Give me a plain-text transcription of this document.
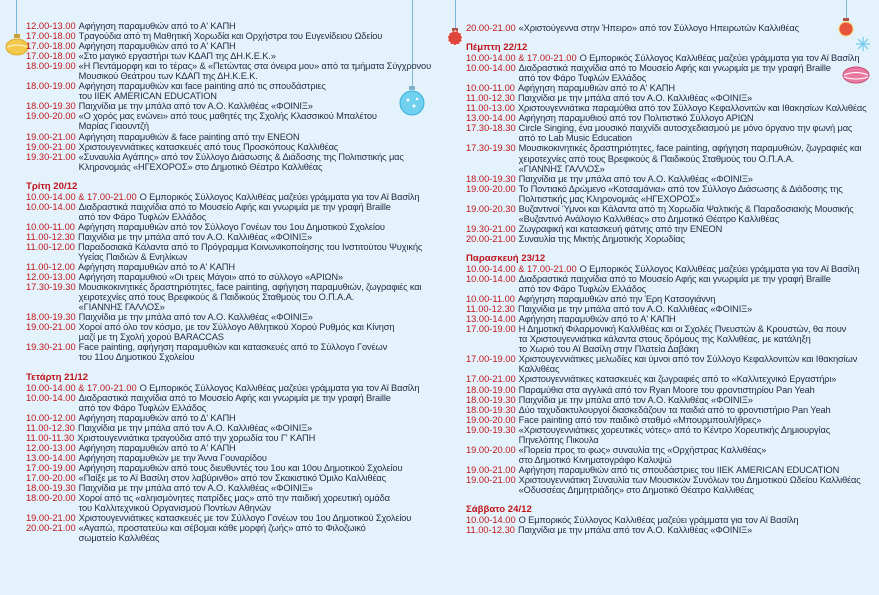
12.00-13.00 Αφήγηση παραμυθιών από το Α' ΚΑΠΗ
17.00-18.00 Τραγούδια από τη Μαθητική Χορωδία και Ορχήστρα του Ευγενίδειου Ωδείου
17.00-18.00 Αφήγηση παραμυθιών από το Α' ΚΑΠΗ
17.00-18.00 «Στο μαγικό εργαστήρι των ΚΔΑΠ της ΔΗ.Κ.Ε.Κ.»
18.00-19.00 «Η Πεντάμορφη και το τέρας» & «Πετώντας στα όνειρα μου» από τα τμήματα Σύγχρονου
Μουσικού Θεάτρου των ΚΔΑΠ της ΔΗ.Κ.Ε.Κ.
18.00-19.00 Αφήγηση παραμυθιών και face painting από τις σπουδάστριες
του ΙΙΕΚ AMERICAN EDUCATION
18.00-19.30 Παιχνίδια με την μπάλα από τον Α.Ο. Καλλιθέας «ΦΟΙΝΙΞ»
19.00-20.00 «Ο χορός μας ενώνει» από τους μαθητές της Σχολής Κλασσικού Μπαλέτου
Μαρίας Γιαουντζή
19.00-21.00 Αφήγηση παραμυθιών & face painting από την ΕΝΕΟΝ
19.00-21.00 Χριστουγεννιάτικες κατασκευές από τους Προσκόπους Καλλιθέας
19.30-21.00 «Συναυλία Αγάπης» από τον Σύλλογο Διάσωσης & Διάδοσης της Πολιτιστικής μας
Κληρονομιάς «ΗΓΕΧΟΡΟΣ» στο Δημοτικό Θέατρο Καλλιθέας
Τρίτη 20/12
10.00-14.00 & 17.00-21.00 Ο Εμπορικός Σύλλογος Καλλιθέας μαζεύει γράμματα για τον Αϊ Βασίλη
10.00-14.00 Διαδραστικά παιχνίδια από το Μουσείο Αφής και γνωριμία με την γραφή Braille
από τον Φάρο Τυφλών Ελλάδος
10.00-11.00 Αφήγηση παραμυθιών από τον Σύλλογο Γονέων του 1ου Δημοτικού Σχολείου
11.00-12.30 Παιχνίδια με την μπάλα από τον Α.Ο. Καλλιθέας «ΦΟΙΝΙΞ»
11.00-12.00 Παραδοσιακά Κάλαντα από το Πρόγραμμα Κοινωνικοποίησης του Ινστιτούτου Ψυχικής
Υγείας Παιδιών & Ενηλίκων
11.00-12.00 Αφήγηση παραμυθιών από το Α' ΚΑΠΗ
12.00-13.00 Αφήγηση παραμυθιού «Οι τρεις Μάγοι» από το σύλλογο «ΑΡΙΩΝ»
17.30-19.30 Μουσικοκινητικές δραστηριότητες, face painting, αφήγηση παραμυθιών, ζωγραφιές και
χειροτεχνίες από τους Βρεφικούς & Παιδικούς Σταθμούς του Ο.Π.Α.Α.
«ΓΙΑΝΝΗΣ ΓΑΛΛΟΣ»
18.00-19.30 Παιχνίδια με την μπάλα από τον Α.Ο. Καλλιθέας «ΦΟΙΝΙΞ»
19.00-21.00 Χοροί από όλο τον κόσμο, με τον Σύλλογο Αθλητικού Χορού Ρυθμός και Κίνηση
μαζί με τη Σχολή χορού BARACCAS
19.30-21.00 Face painting, αφήγηση παραμυθιών και κατασκευές από το Σύλλογο Γονέων
του 11ου Δημοτικού Σχολείου
Τετάρτη 21/12
10.00-14.00 & 17.00-21.00 Ο Εμπορικός Σύλλογος Καλλιθέας μαζεύει γράμματα για τον Αϊ Βασίλη
10.00-14.00 Διαδραστικά παιχνίδια από το Μουσείο Αφής και γνωριμία με την γραφή Braille
από τον Φάρο Τυφλών Ελλάδος
10.00-12.00 Αφήγηση παραμυθιών από το Δ' ΚΑΠΗ
11.00-12.30 Παιχνίδια με την μπάλα από τον Α.Ο. Καλλιθέας «ΦΟΙΝΙΞ»
11.00-11.30 Χριστουγεννιάτικα τραγούδια από την χορωδία του Γ' ΚΑΠΗ
12.00-13.00 Αφήγηση παραμυθιών από το Α' ΚΑΠΗ
13.00-14.00 Αφήγηση παραμυθιών με την Άννα Γουναρίδου
17.00-19.00 Αφήγηση παραμυθιών από τους διευθυντές του 1ου και 10ου Δημοτικού Σχολείου
17.00-20.00 «Παίξε με το Αϊ Βασίλη στον λαβύρινθο» από τον Σκακιστικό Όμιλο Καλλιθέας
18.00-19.30 Παιχνίδια με την μπάλα από τον Α.Ο. Καλλιθέας «ΦΟΙΝΙΞ»
18.00-20.00 Χοροί από τις «αληισμόνητες πατρίδες μας» από την παιδική χορευτική ομάδα
του Καλλιτεχνικού Οργανισμού Ποντίων Αθηνών
19.00-21.00 Χριστουγεννιάτικες κατασκευές με τον Σύλλογο Γονέων του 1ου Δημοτικού Σχολείου
20.00-21.00 «Αγαπώ, προστατεύω και σέβομαι κάθε μορφή ζωής» από το Φιλοζωικό
σωματείο Καλλιθέας
20.00-21.00 «Χριστούγεννα στην Ήπειρο» από τον Σύλλογο Ηπειρωτών Καλλιθέας
Πέμπτη 22/12
10.00-14.00 & 17.00-21.00 Ο Εμπορικός Σύλλογος Καλλιθέας μαζεύει γράμματα για τον Αϊ Βασίλη
10.00-14.00 Διαδραστικά παιχνίδια από το Μουσείο Αφής και γνωριμία με την γραφή Braille
από τον Φάρο Τυφλών Ελλάδος
10.00-11.00 Αφήγηση παραμυθιών από το Α' ΚΑΠΗ
11.00-12.30 Παιχνίδια με την μπάλα από τον Α.Ο. Καλλιθέας «ΦΟΙΝΙΞ»
11.00-13.00 Χριστουγεννιάτικα παραμύθια από τον Σύλλογο Κεφαλλονιτών και Ιθακησίων Καλλιθέας
13.00-14.00 Αφήγηση παραμυθιού από τον Πολιτιστικό Σύλλογο ΑΡΙΩΝ
17.30-18.30 Circle Singing, ένα μουσικό παιχνίδι αυτοσχεδιασμού με μόνο όργανο την φωνή μας
από το Lab Music Education
17.30-19.30 Μουσικοκινητικές δραστηριότητες, face painting, αφήγηση παραμυθιών, ζωγραφιές και
χειροτεχνίες από τους Βρεφικούς & Παιδικούς Σταθμούς του Ο.Π.Α.Α.
«ΓΙΑΝΝΗΣ ΓΑΛΛΟΣ»
18.00-19.30 Παιχνίδια με την μπάλα από τον Α.Ο. Καλλιθέας «ΦΟΙΝΙΞ»
19.00-20.00 Το Ποντιακό Δρώμενο «Κοτσαμάνια» από τον Σύλλογο Διάσωσης & Διάδοσης της
Πολιτιστικής μας Κληρονομιάς «ΗΓΕΧΟΡΟΣ»
19.00-20.30 Βυζαντινοί Ύμνοι και Κάλαντα από τη Χορωδία Ψαλτικής & Παραδοσιακής Μουσικής
«Βυζαντινό Ανάλογιο Καλλιθέας» στο Δημοτικό Θέατρο Καλλιθέας
19.30-21.00 Ζωγραφική και κατασκευή φάτνης από την ΕΝΕΟΝ
20.00-21.00 Συναυλία της Μικτής Δημοτικής Χορωδίας
Παρασκευή 23/12
10.00-14.00 & 17.00-21.00 Ο Εμπορικός Σύλλογος Καλλιθέας μαζεύει γράμματα για τον Αϊ Βασίλη
10.00-14.00 Διαδραστικά παιχνίδια από το Μουσείο Αφής και γνωριμία με την γραφή Braille
από τον Φάρο Τυφλών Ελλάδος
10.00-11.00 Αφήγηση παραμυθιών από την Έρη Κατσογιάννη
11.00-12.30 Παιχνίδια με την μπάλα από τον Α.Ο. Καλλιθέας «ΦΟΙΝΙΞ»
13.00-14.00 Αφήγηση παραμυθιών από το Α' ΚΑΠΗ
17.00-19.00 Η Δημοτική Φιλαρμονική Καλλιθέας και οι Σχολές Πνευστών & Κρουστών, θα πουν
τα Χριστουγεννιάτικα κάλαντα στους δρόμους της Καλλιθέας, με κατάληξη
το Χωριό του Αϊ Βασίλη στην Πλατεία Δαβάκη
17.00-19.00 Χριστουγεννιάτικες μελωδίες και ύμνοι από τον Σύλλογο Κεφαλλονιτών και Ιθακησίων
Καλλιθέας
17.00-21.00 Χριστουγεννιάτικες κατασκευές και ζωγραφιές από το «Καλλιτεχνικό Εργαστήρι»
18.00-19.00 Παραμύθια στα αγγλικά από τον Ryan Moore του φροντιστηρίου Pan Yeah
18.00-19.30 Παιχνίδια με την μπάλα από τον Α.Ο. Καλλιθέας «ΦΟΙΝΙΞ»
18.00-19.30 Δύο ταχυδακτυλουργοί διασκεδάζουν τα παιδιά από το φροντιστήριο Pan Yeah
19.00-20.00 Face painting από τον παιδικό σταθμό «Μπουρμπουλήθρες»
19.00-19.30 «Χριστουγεννιάτικες χορευτικές νότες» από το Κέντρο Χορευτικής Δημιουργίας
Πηνελόπης Πικουλα
19.00-20.00 «Πορεία προς το φως» συναυλία της «Ορχήστρας Καλλιθέας»
στο Δημοτικό Κινηματογράφο Καλυψώ
19.00-21.00 Αφήγηση παραμυθιών από τις σπουδάστριες του ΙΙΕΚ AMERICAN EDUCATION
19.00-21.00 Χριστουγεννιάτικη Συναυλία των Μουσικών Συνόλων του Δημοτικού Ωδείου Καλλιθέας
«Οδυσσέας Δημητριάδης» στο Δημοτικό Θέατρο Καλλιθέας
Σάββατο 24/12
10.00-14.00 Ο Εμπορικός Σύλλογος Καλλιθέας μαζεύει γράμματα για τον Αϊ Βασίλη
11.00-12.30 Παιχνίδια με την μπάλα από τον Α.Ο. Καλλιθέας «ΦΟΙΝΙΞ»
